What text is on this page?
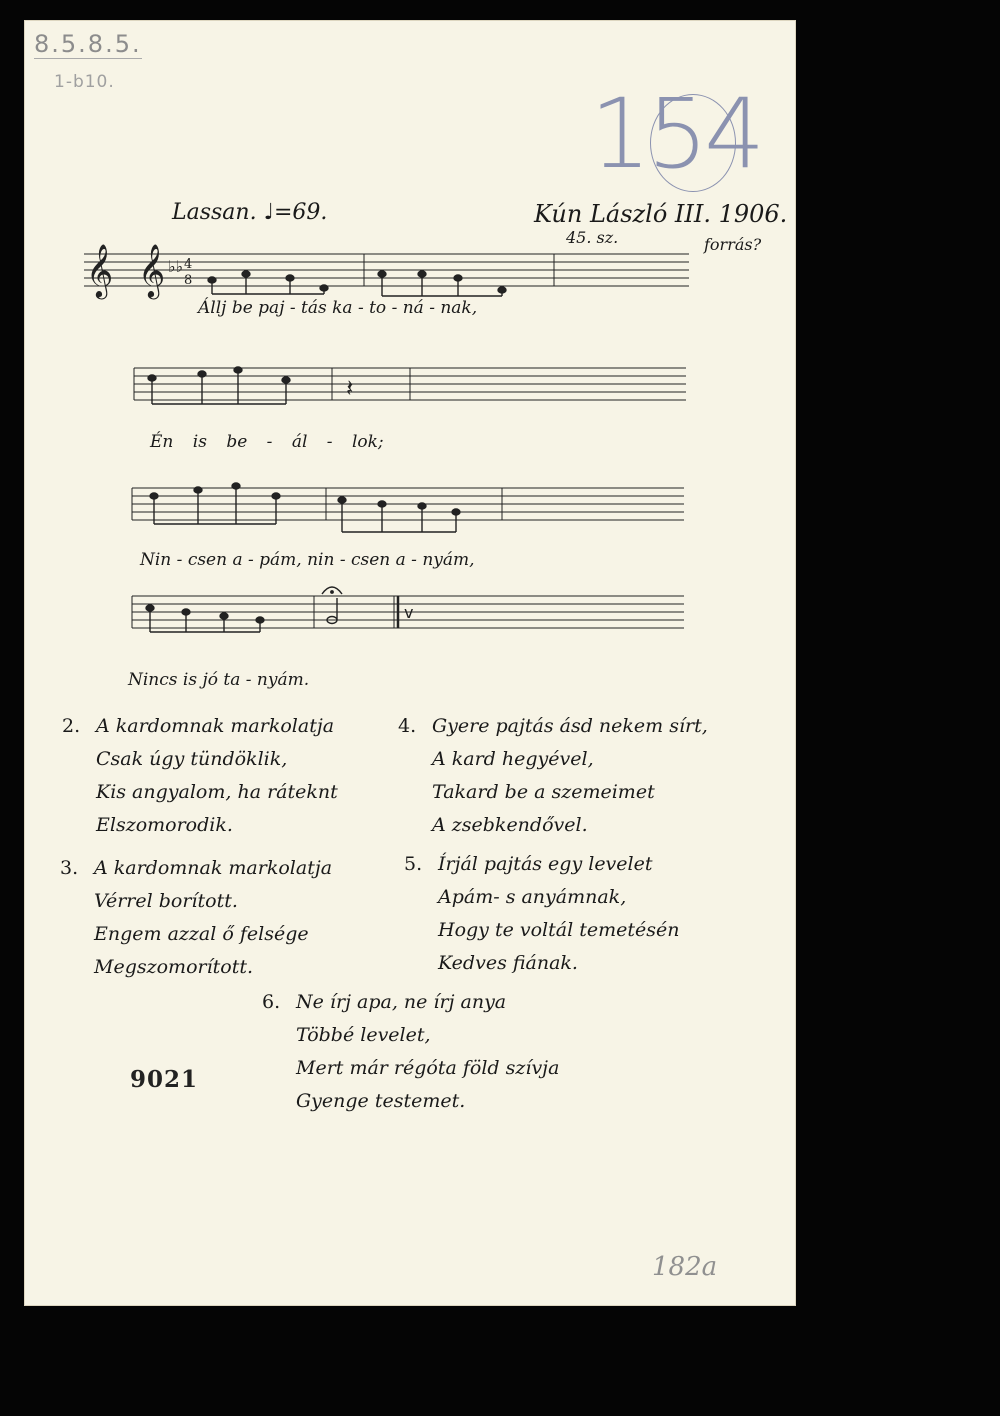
8.5.8.5.
1-b10.	154
Lassan. ♩=69.	Kún László III. 1906.
45. sz.	forrás?
𝄞 𝄞 ♭♭ 4
8
Állj be paj - tás ka - to - ná - nak,
𝄽
Én is be - ál - lok;
Nin - csen a - pám, nin - csen a - nyám,
ⅴ
Nincs is jó ta - nyám.
2. A kardomnak markolatja
Csak úgy tündöklik,
Kis angyalom, ha ráteknt
Elszomorodik.
3. A kardomnak markolatja
Vérrel borított.
Engem azzal ő felsége
Megszomorított.
4. Gyere pajtás ásd nekem sírt,
A kard hegyével,
Takard be a szemeimet
A zsebkendővel.
5. Írjál pajtás egy levelet
Apám- s anyámnak,
Hogy te voltál temetésén
Kedves fiának.
6. Ne írj apa, ne írj anya
Többé levelet,
Mert már régóta föld szívja
Gyenge testemet.
9021
182a
